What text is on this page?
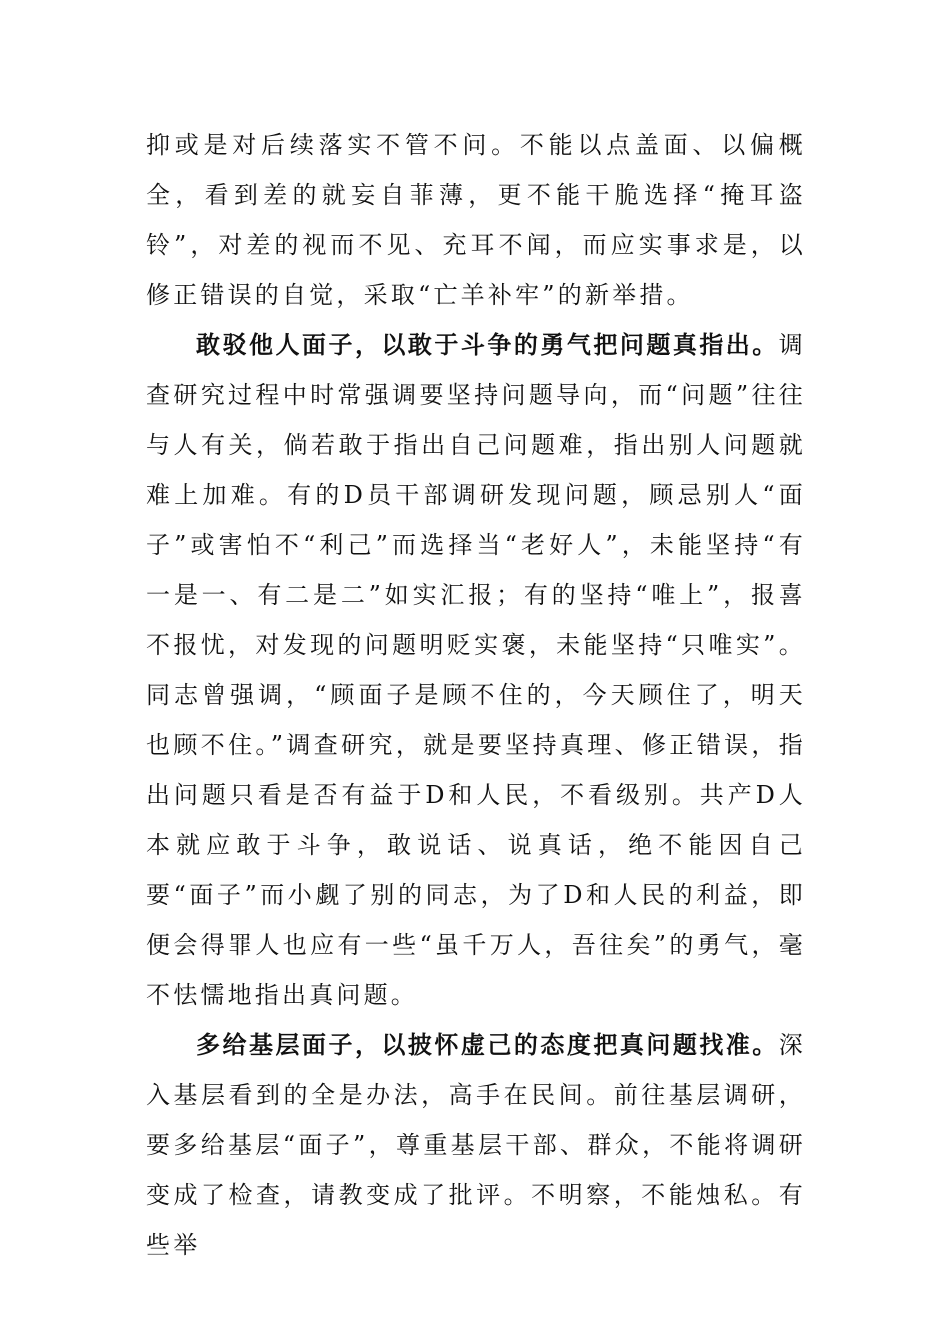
抑或是对后续落实不管不问。不能以点盖面、以偏概全，看到差的就妄自菲薄，更不能干脆选择“掩耳盗铃”，对差的视而不见、充耳不闻，而应实事求是，以修正错误的自觉，采取“亡羊补牢”的新举措。

敢驳他人面子，以敢于斗争的勇气把问题真指出。调查研究过程中时常强调要坚持问题导向，而“问题”往往与人有关，倘若敢于指出自己问题难，指出别人问题就难上加难。有的D员干部调研发现问题，顾忌别人“面子”或害怕不“利己”而选择当“老好人”，未能坚持“有一是一、有二是二”如实汇报；有的坚持“唯上”，报喜不报忧，对发现的问题明贬实褒，未能坚持“只唯实”。同志曾强调，“顾面子是顾不住的，今天顾住了，明天也顾不住。”调查研究，就是要坚持真理、修正错误，指出问题只看是否有益于D和人民，不看级别。共产D人本就应敢于斗争，敢说话、说真话，绝不能因自己要“面子”而小觑了别的同志，为了D和人民的利益，即便会得罪人也应有一些“虽千万人，吾往矣”的勇气，毫不怯懦地指出真问题。

多给基层面子，以披怀虚己的态度把真问题找准。深入基层看到的全是办法，高手在民间。前往基层调研，要多给基层“面子”，尊重基层干部、群众，不能将调研变成了检查，请教变成了批评。不明察，不能烛私。有些举
